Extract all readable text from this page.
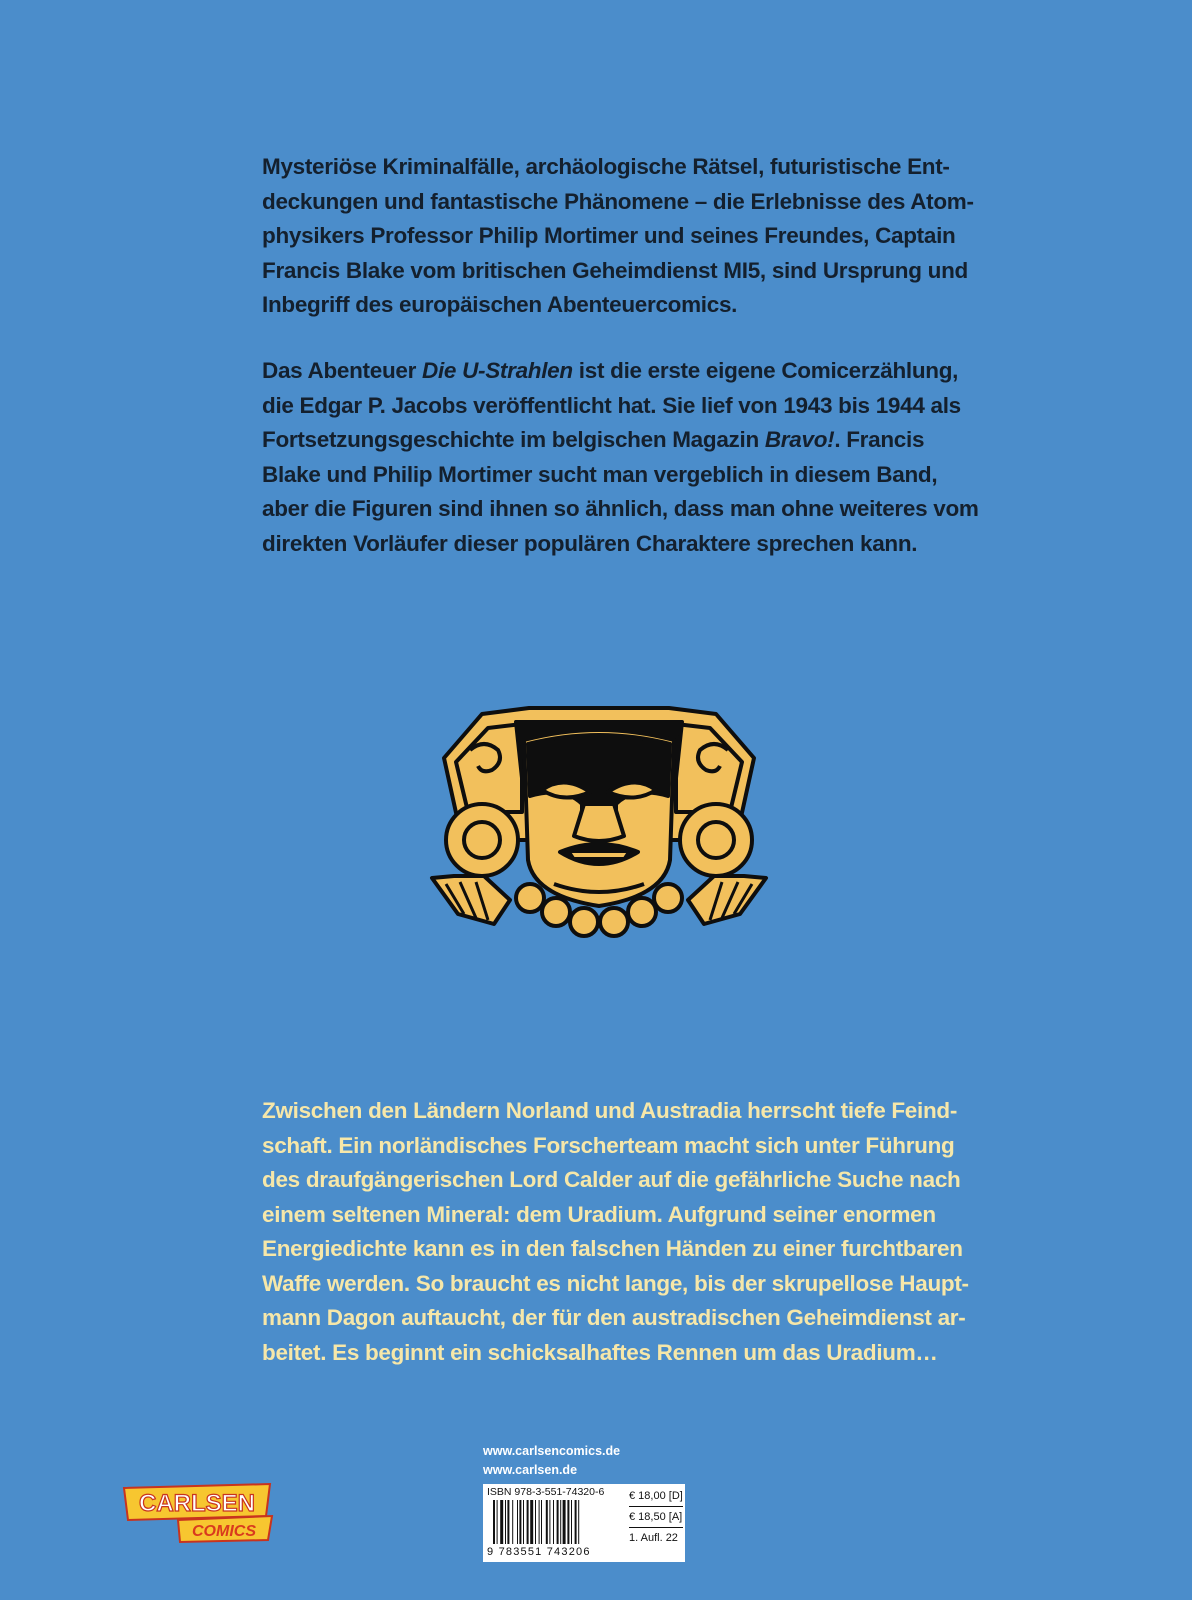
Mysteriöse Kriminalfälle, archäologische Rätsel, futuristische Ent-
deckungen und fantastische Phänomene – die Erlebnisse des Atom-
physikers Professor Philip Mortimer und seines Freundes, Captain
Francis Blake vom britischen Geheimdienst MI5, sind Ursprung und
Inbegriff des europäischen Abenteuercomics.
Das Abenteuer Die U-Strahlen ist die erste eigene Comicerzählung,
die Edgar P. Jacobs veröffentlicht hat. Sie lief von 1943 bis 1944 als
Fortsetzungsgeschichte im belgischen Magazin Bravo!. Francis
Blake und Philip Mortimer sucht man vergeblich in diesem Band,
aber die Figuren sind ihnen so ähnlich, dass man ohne weiteres vom
direkten Vorläufer dieser populären Charaktere sprechen kann.
Zwischen den Ländern Norland und Austradia herrscht tiefe Feind-
schaft. Ein norländisches Forscherteam macht sich unter Führung
des draufgängerischen Lord Calder auf die gefährliche Suche nach
einem seltenen Mineral: dem Uradium. Aufgrund seiner enormen
Energiedichte kann es in den falschen Händen zu einer furchtbaren
Waffe werden. So braucht es nicht lange, bis der skrupellose Haupt-
mann Dagon auftaucht, der für den austradischen Geheimdienst ar-
beitet. Es beginnt ein schicksalhaftes Rennen um das Uradium…
www.carlsencomics.de
www.carlsen.de
CARLSEN
COMICS
ISBN 978-3-551-74320-6
9 783551 743206
€ 18,00 [D]
€ 18,50 [A]
1. Aufl. 22
